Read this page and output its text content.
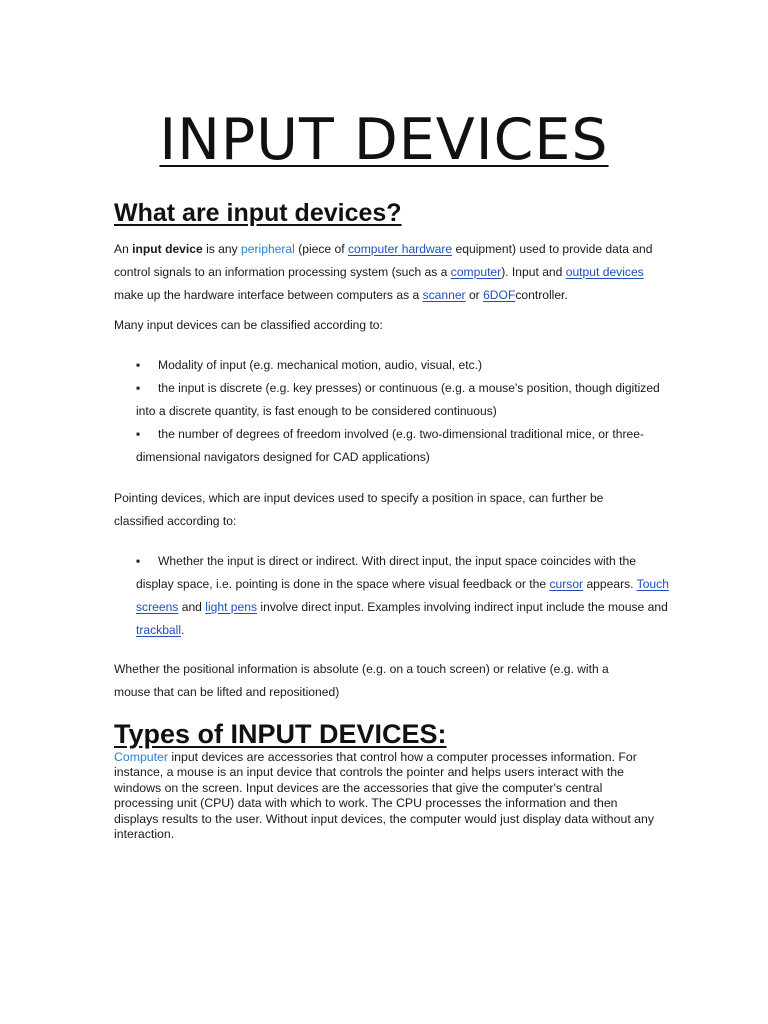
INPUT DEVICES
What are input devices?
An input device is any peripheral (piece of computer hardware equipment) used to provide data and control signals to an information processing system (such as a computer). Input and output devices make up the hardware interface between computers as a scanner or 6DOFcontroller.
Many input devices can be classified according to:
▪ Modality of input (e.g. mechanical motion, audio, visual, etc.)
▪ the input is discrete (e.g. key presses) or continuous (e.g. a mouse's position, though digitized into a discrete quantity, is fast enough to be considered continuous)
▪ the number of degrees of freedom involved (e.g. two-dimensional traditional mice, or three-dimensional navigators designed for CAD applications)
Pointing devices, which are input devices used to specify a position in space, can further be classified according to:
▪ Whether the input is direct or indirect. With direct input, the input space coincides with the display space, i.e. pointing is done in the space where visual feedback or the cursor appears. Touch screens and light pens involve direct input. Examples involving indirect input include the mouse and trackball.
Whether the positional information is absolute (e.g. on a touch screen) or relative (e.g. with a mouse that can be lifted and repositioned)
Types of INPUT DEVICES:
Computer input devices are accessories that control how a computer processes information. For instance, a mouse is an input device that controls the pointer and helps users interact with the windows on the screen. Input devices are the accessories that give the computer's central processing unit (CPU) data with which to work. The CPU processes the information and then displays results to the user. Without input devices, the computer would just display data without any interaction.
